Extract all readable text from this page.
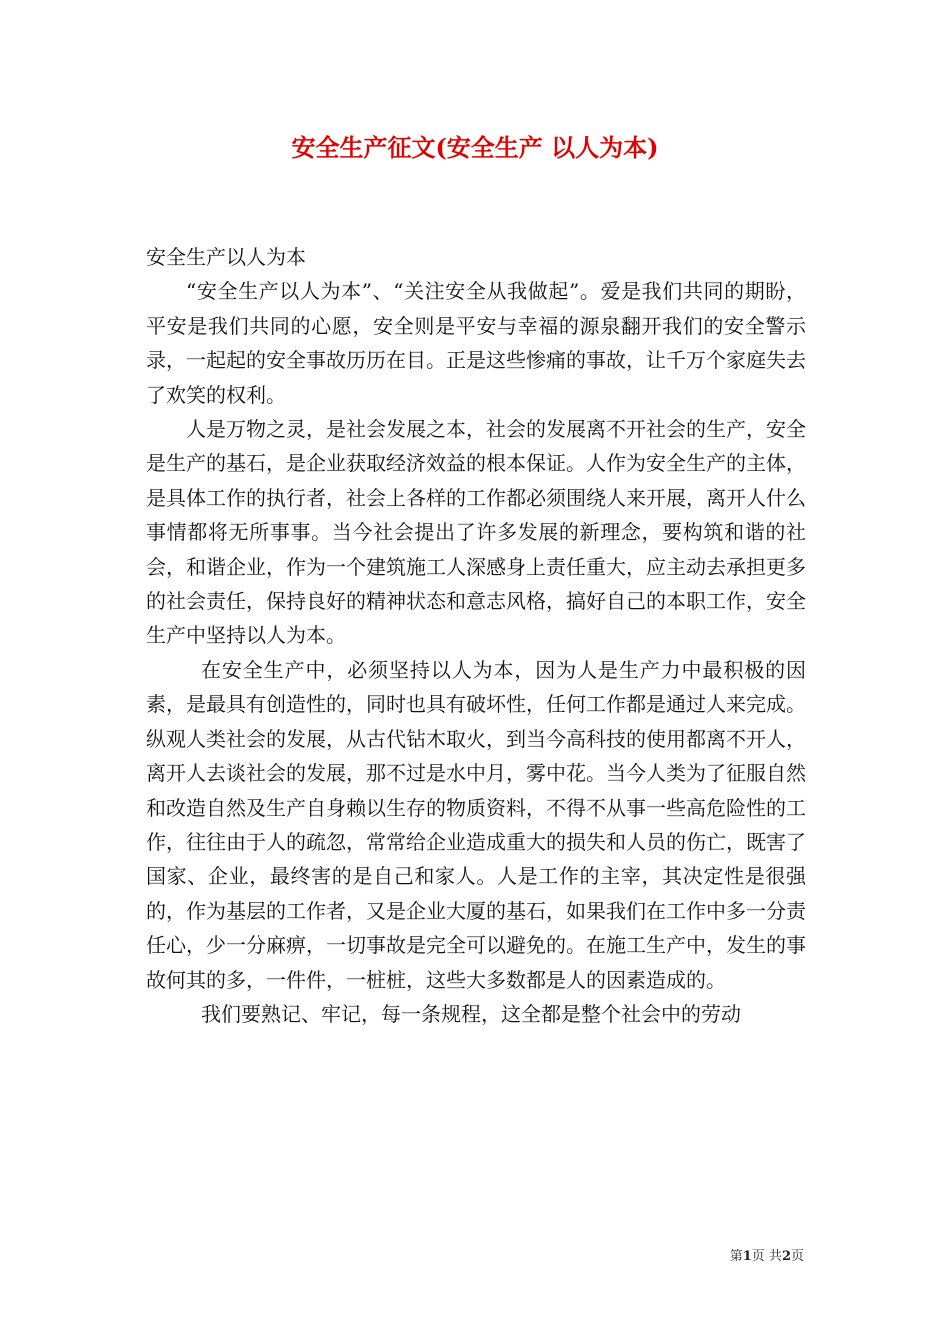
安全生产征文(安全生产 以人为本)

安全生产以人为本

“安全生产以人为本”、“关注安全从我做起”。爱是我们共同的期盼，平安是我们共同的心愿，安全则是平安与幸福的源泉翻开我们的安全警示录，一起起的安全事故历历在目。正是这些惨痛的事故，让千万个家庭失去了欢笑的权利。

人是万物之灵，是社会发展之本，社会的发展离不开社会的生产，安全是生产的基石，是企业获取经济效益的根本保证。人作为安全生产的主体，是具体工作的执行者，社会上各样的工作都必须围绕人来开展，离开人什么事情都将无所事事。当今社会提出了许多发展的新理念，要构筑和谐的社会，和谐企业，作为一个建筑施工人深感身上责任重大，应主动去承担更多的社会责任，保持良好的精神状态和意志风格，搞好自己的本职工作，安全生产中坚持以人为本。

在安全生产中，必须坚持以人为本，因为人是生产力中最积极的因素，是最具有创造性的，同时也具有破坏性，任何工作都是通过人来完成。纵观人类社会的发展，从古代钻木取火，到当今高科技的使用都离不开人，离开人去谈社会的发展，那不过是水中月，雾中花。当今人类为了征服自然和改造自然及生产自身赖以生存的物质资料，不得不从事一些高危险性的工作，往往由于人的疏忽，常常给企业造成重大的损失和人员的伤亡，既害了国家、企业，最终害的是自己和家人。人是工作的主宰，其决定性是很强的，作为基层的工作者，又是企业大厦的基石，如果我们在工作中多一分责任心，少一分麻痹，一切事故是完全可以避免的。在施工生产中，发生的事故何其的多，一件件，一桩桩，这些大多数都是人的因素造成的。

我们要熟记、牢记，每一条规程，这全都是整个社会中的劳动

第1页 共2页
